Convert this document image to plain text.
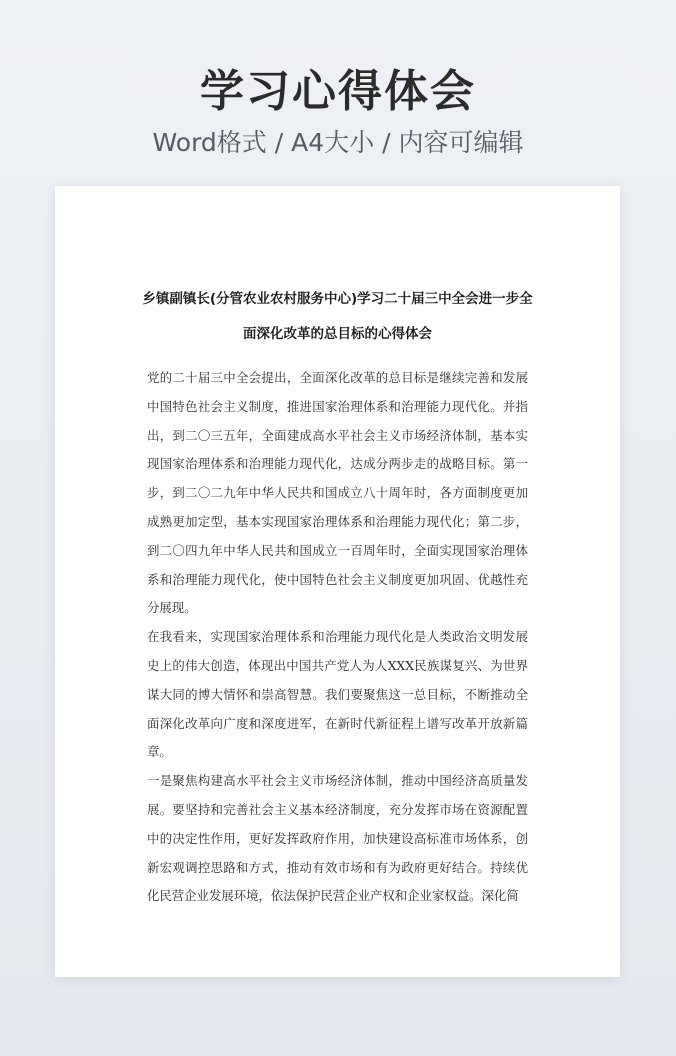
学习心得体会
Word格式 / A4大小 / 内容可编辑
乡镇副镇长(分管农业农村服务中心)学习二十届三中全会进一步全面深化改革的总目标的心得体会

党的二十届三中全会提出，全面深化改革的总目标是继续完善和发展中国特色社会主义制度，推进国家治理体系和治理能力现代化。并指出，到二〇三五年，全面建成高水平社会主义市场经济体制，基本实现国家治理体系和治理能力现代化，达成分两步走的战略目标。第一步，到二〇二九年中华人民共和国成立八十周年时，各方面制度更加成熟更加定型，基本实现国家治理体系和治理能力现代化；第二步，到二〇四九年中华人民共和国成立一百周年时，全面实现国家治理体系和治理能力现代化，使中国特色社会主义制度更加巩固、优越性充分展现。

在我看来，实现国家治理体系和治理能力现代化是人类政治文明发展史上的伟大创造，体现出中国共产党人为人XXX民族谋复兴、为世界谋大同的博大情怀和崇高智慧。我们要聚焦这一总目标，不断推动全面深化改革向广度和深度进军，在新时代新征程上谱写改革开放新篇章。

一是聚焦构建高水平社会主义市场经济体制，推动中国经济高质量发展。要坚持和完善社会主义基本经济制度，充分发挥市场在资源配置中的决定性作用，更好发挥政府作用，加快建设高标准市场体系，创新宏观调控思路和方式，推动有效市场和有为政府更好结合。持续优化民营企业发展环境，依法保护民营企业产权和企业家权益。深化简
